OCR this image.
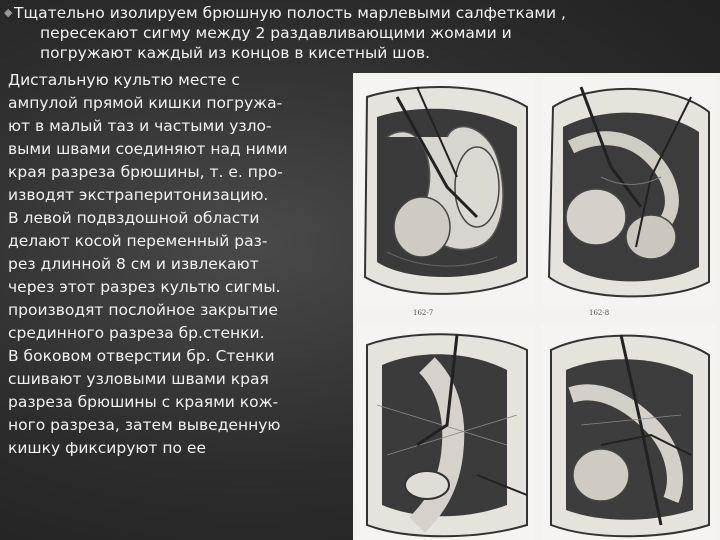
◆ Тщательно изолируем брюшную полость марлевыми салфетками ,
пересекают сигму между 2 раздавливающими жомами и
погружают каждый из концов в кисетный шов.
Дистальную культю месте с
ампулой прямой кишки погружа-
ют в малый таз и частыми узло-
выми швами соединяют над ними
края разреза брюшины, т. е. про-
изводят экстраперитонизацию.
В левой подвздошной области
делают косой переменный раз-
рез длинной 8 см и извлекают
через этот разрез культю сигмы.
производят послойное закрытие
срединного разреза бр.стенки.
В боковом отверстии бр. Стенки
сшивают узловыми швами края
разреза брюшины с краями кож-
ного разреза, затем выведенную
кишку фиксируют по ее
162-7	162-8
